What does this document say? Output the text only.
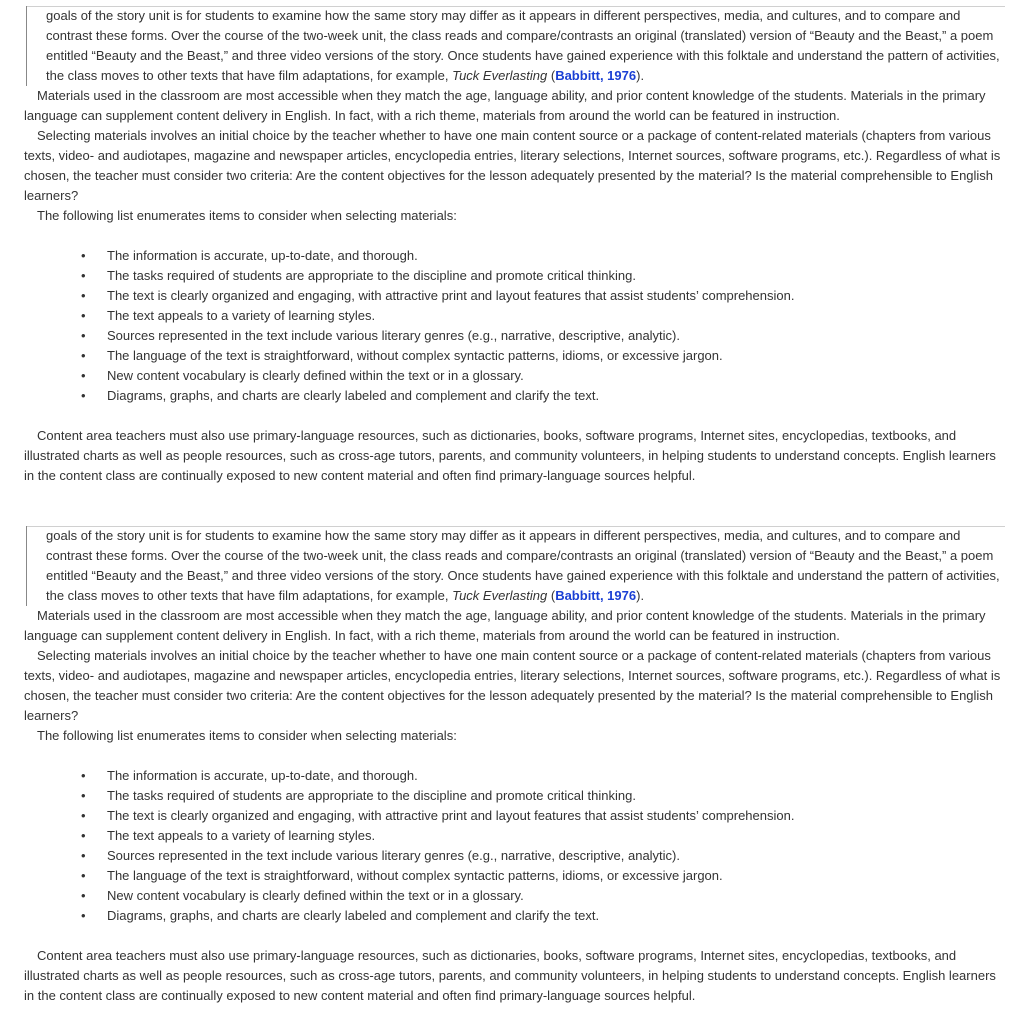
goals of the story unit is for students to examine how the same story may differ as it appears in different perspectives, media, and cultures, and to compare and contrast these forms. Over the course of the two-week unit, the class reads and compare/contrasts an original (translated) version of “Beauty and the Beast,” a poem entitled “Beauty and the Beast,” and three video versions of the story. Once students have gained experience with this folktale and understand the pattern of activities, the class moves to other texts that have film adaptations, for example, Tuck Everlasting (Babbitt, 1976).

Materials used in the classroom are most accessible when they match the age, language ability, and prior content knowledge of the students. Materials in the primary language can supplement content delivery in English. In fact, with a rich theme, materials from around the world can be featured in instruction.

Selecting materials involves an initial choice by the teacher whether to have one main content source or a package of content-related materials (chapters from various texts, video- and audiotapes, magazine and newspaper articles, encyclopedia entries, literary selections, Internet sources, software programs, etc.). Regardless of what is chosen, the teacher must consider two criteria: Are the content objectives for the lesson adequately presented by the material? Is the material comprehensible to English learners?

The following list enumerates items to consider when selecting materials:

• The information is accurate, up-to-date, and thorough.
• The tasks required of students are appropriate to the discipline and promote critical thinking.
• The text is clearly organized and engaging, with attractive print and layout features that assist students’ comprehension.
• The text appeals to a variety of learning styles.
• Sources represented in the text include various literary genres (e.g., narrative, descriptive, analytic).
• The language of the text is straightforward, without complex syntactic patterns, idioms, or excessive jargon.
• New content vocabulary is clearly defined within the text or in a glossary.
• Diagrams, graphs, and charts are clearly labeled and complement and clarify the text.

Content area teachers must also use primary-language resources, such as dictionaries, books, software programs, Internet sites, encyclopedias, textbooks, and illustrated charts as well as people resources, such as cross-age tutors, parents, and community volunteers, in helping students to understand concepts. English learners in the content class are continually exposed to new content material and often find primary-language sources helpful.

goals of the story unit is for students to examine how the same story may differ as it appears in different perspectives, media, and cultures, and to compare and contrast these forms. Over the course of the two-week unit, the class reads and compare/contrasts an original (translated) version of “Beauty and the Beast,” a poem entitled “Beauty and the Beast,” and three video versions of the story. Once students have gained experience with this folktale and understand the pattern of activities, the class moves to other texts that have film adaptations, for example, Tuck Everlasting (Babbitt, 1976).

Materials used in the classroom are most accessible when they match the age, language ability, and prior content knowledge of the students. Materials in the primary language can supplement content delivery in English. In fact, with a rich theme, materials from around the world can be featured in instruction.

Selecting materials involves an initial choice by the teacher whether to have one main content source or a package of content-related materials (chapters from various texts, video- and audiotapes, magazine and newspaper articles, encyclopedia entries, literary selections, Internet sources, software programs, etc.). Regardless of what is chosen, the teacher must consider two criteria: Are the content objectives for the lesson adequately presented by the material? Is the material comprehensible to English learners?

The following list enumerates items to consider when selecting materials:

• The information is accurate, up-to-date, and thorough.
• The tasks required of students are appropriate to the discipline and promote critical thinking.
• The text is clearly organized and engaging, with attractive print and layout features that assist students’ comprehension.
• The text appeals to a variety of learning styles.
• Sources represented in the text include various literary genres (e.g., narrative, descriptive, analytic).
• The language of the text is straightforward, without complex syntactic patterns, idioms, or excessive jargon.
• New content vocabulary is clearly defined within the text or in a glossary.
• Diagrams, graphs, and charts are clearly labeled and complement and clarify the text.

Content area teachers must also use primary-language resources, such as dictionaries, books, software programs, Internet sites, encyclopedias, textbooks, and illustrated charts as well as people resources, such as cross-age tutors, parents, and community volunteers, in helping students to understand concepts. English learners in the content class are continually exposed to new content material and often find primary-language sources helpful.
